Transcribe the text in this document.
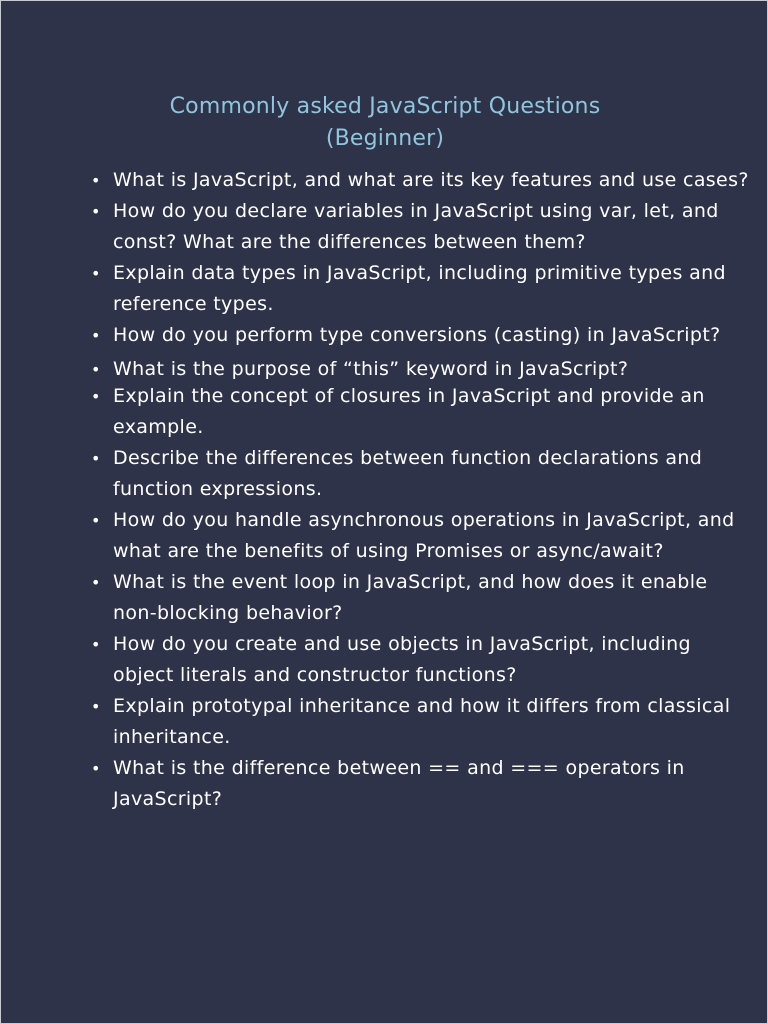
Commonly asked JavaScript Questions
(Beginner)
• What is JavaScript, and what are its key features and use cases?
• How do you declare variables in JavaScript using var, let, and const? What are the differences between them?
• Explain data types in JavaScript, including primitive types and reference types.
• How do you perform type conversions (casting) in JavaScript?
• What is the purpose of “this” keyword in JavaScript?
• Explain the concept of closures in JavaScript and provide an example.
• Describe the differences between function declarations and function expressions.
• How do you handle asynchronous operations in JavaScript, and what are the benefits of using Promises or async/await?
• What is the event loop in JavaScript, and how does it enable non-blocking behavior?
• How do you create and use objects in JavaScript, including object literals and constructor functions?
• Explain prototypal inheritance and how it differs from classical inheritance.
• What is the difference between == and === operators in JavaScript?
